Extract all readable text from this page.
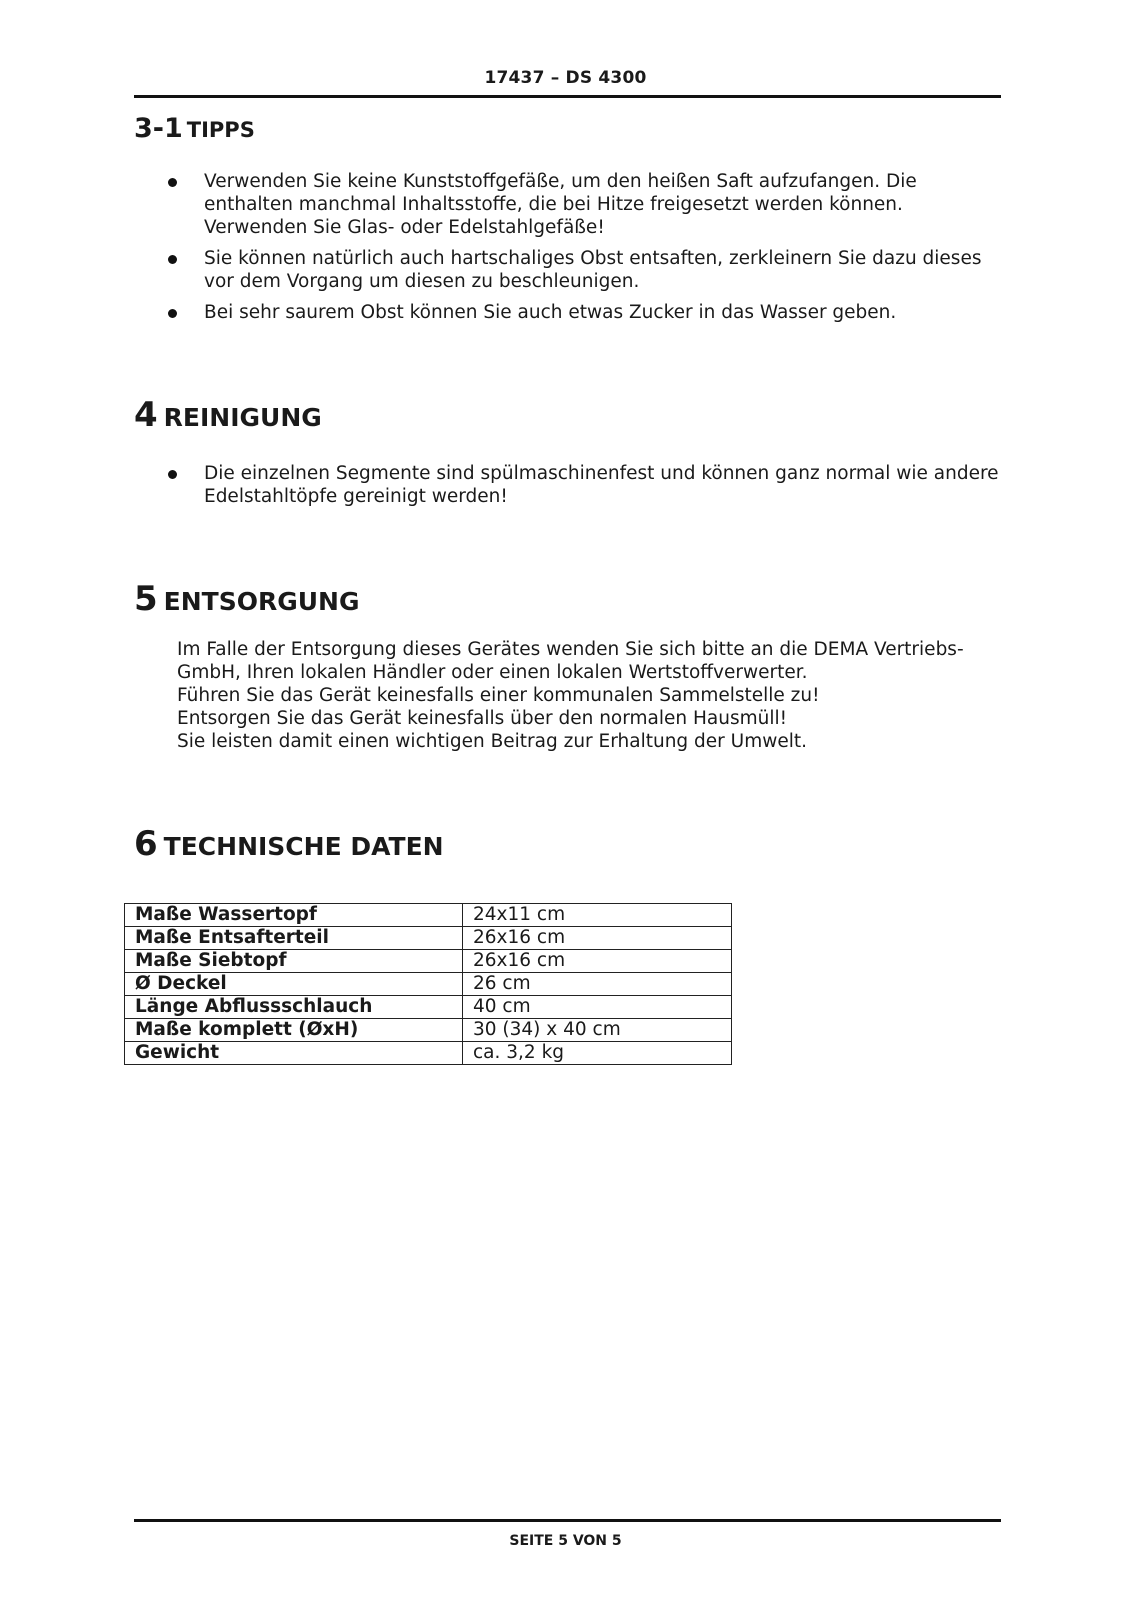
17437 – DS 4300
3-1 TIPPS
Verwenden Sie keine Kunststoffgefäße, um den heißen Saft aufzufangen. Die enthalten manchmal Inhaltsstoffe, die bei Hitze freigesetzt werden können. Verwenden Sie Glas- oder Edelstahlgefäße!
Sie können natürlich auch hartschaliges Obst entsaften, zerkleinern Sie dazu dieses vor dem Vorgang um diesen zu beschleunigen.
Bei sehr saurem Obst können Sie auch etwas Zucker in das Wasser geben.
4 REINIGUNG
Die einzelnen Segmente sind spülmaschinenfest und können ganz normal wie andere Edelstahltöpfe gereinigt werden!
5 ENTSORGUNG
Im Falle der Entsorgung dieses Gerätes wenden Sie sich bitte an die DEMA Vertriebs-
GmbH, Ihren lokalen Händler oder einen lokalen Wertstoffverwerter.
Führen Sie das Gerät keinesfalls einer kommunalen Sammelstelle zu!
Entsorgen Sie das Gerät keinesfalls über den normalen Hausmüll!
Sie leisten damit einen wichtigen Beitrag zur Erhaltung der Umwelt.
6 TECHNISCHE DATEN
Maße Wassertopf	24x11 cm
Maße Entsafterteil	26x16 cm
Maße Siebtopf	26x16 cm
Ø Deckel	26 cm
Länge Abflussschlauch	40 cm
Maße komplett (ØxH)	30 (34) x 40 cm
Gewicht	ca. 3,2 kg
SEITE 5 VON 5
